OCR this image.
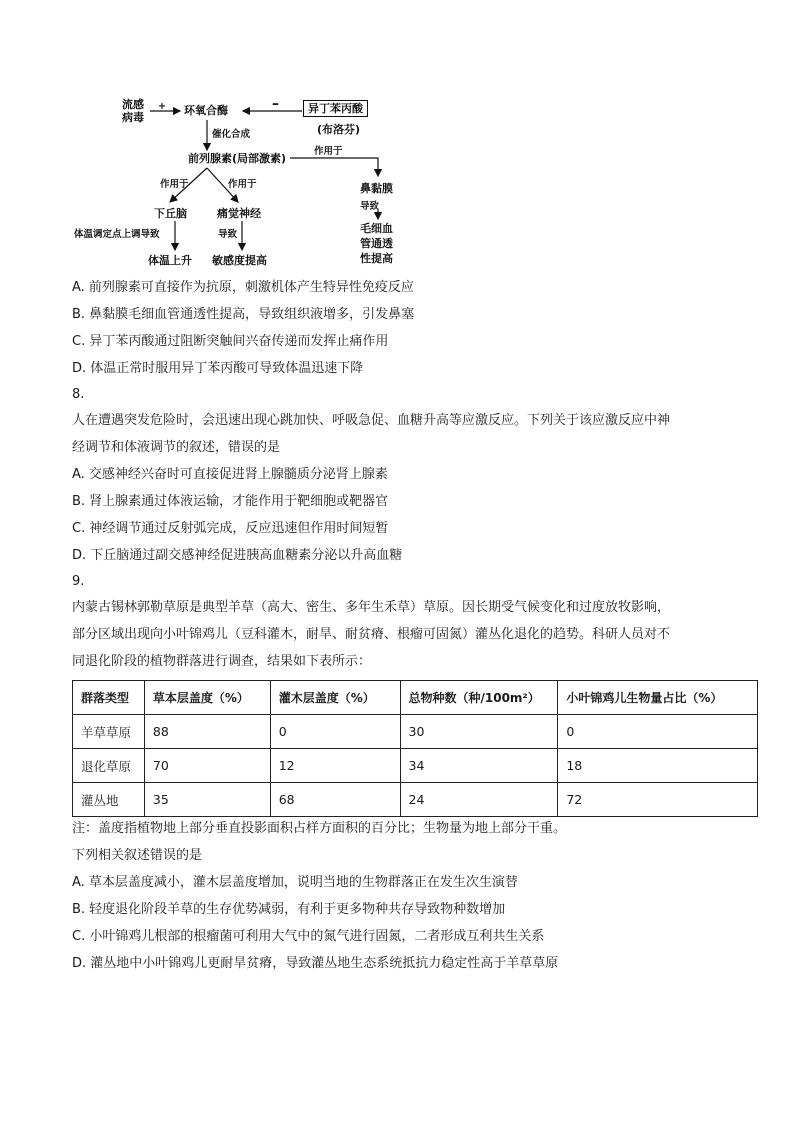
流感
病毒
+ 环氧合酶	–	异丁苯丙酸
(布洛芬)
催化合成
前列腺素(局部激素)
作用于
作用于	作用于
下丘脑
体温调定点上调导致
体温上升
痛觉神经
导致
敏感度提高
鼻黏膜
导致
毛细血
管通透
性提高
A. 前列腺素可直接作为抗原，刺激机体产生特异性免疫反应
B. 鼻黏膜毛细血管通透性提高，导致组织液增多，引发鼻塞
C. 异丁苯丙酸通过阻断突触间兴奋传递而发挥止痛作用
D. 体温正常时服用异丁苯丙酸可导致体温迅速下降
8.
人在遭遇突发危险时，会迅速出现心跳加快、呼吸急促、血糖升高等应激反应。下列关于该应激反应中神
经调节和体液调节的叙述，错误的是
A. 交感神经兴奋时可直接促进肾上腺髓质分泌肾上腺素
B. 肾上腺素通过体液运输，才能作用于靶细胞或靶器官
C. 神经调节通过反射弧完成，反应迅速但作用时间短暂
D. 下丘脑通过副交感神经促进胰高血糖素分泌以升高血糖
9.
内蒙古锡林郭勒草原是典型羊草（高大、密生、多年生禾草）草原。因长期受气候变化和过度放牧影响，
部分区域出现向小叶锦鸡儿（豆科灌木，耐旱、耐贫瘠、根瘤可固氮）灌丛化退化的趋势。科研人员对不
同退化阶段的植物群落进行调查，结果如下表所示：
群落类型	草本层盖度（%）	灌木层盖度（%）	总物种数（种/100m²）	小叶锦鸡儿生物量占比（%）
羊草草原	88	0	30	0
退化草原	70	12	34	18
灌丛地	35	68	24	72
注：盖度指植物地上部分垂直投影面积占样方面积的百分比；生物量为地上部分干重。
下列相关叙述错误的是
A. 草本层盖度减小，灌木层盖度增加，说明当地的生物群落正在发生次生演替
B. 轻度退化阶段羊草的生存优势减弱，有利于更多物种共存导致物种数增加
C. 小叶锦鸡儿根部的根瘤菌可利用大气中的氮气进行固氮，二者形成互利共生关系
D. 灌丛地中小叶锦鸡儿更耐旱贫瘠，导致灌丛地生态系统抵抗力稳定性高于羊草草原
